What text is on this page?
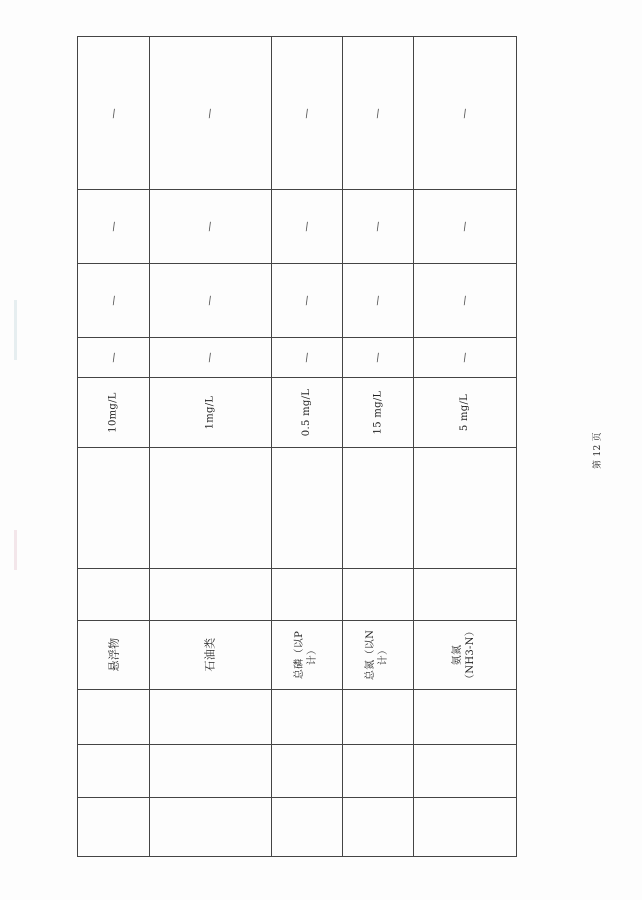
/
/
/
/
10mg/L
悬浮物
/
/
/
/
1mg/L
石油类
/
/
/
/
0.5 mg/L
总磷（以P 计）
/
/
/
/
15 mg/L
总氮（以N 计）
/
/
/
/
5 mg/L
氨氮 （NH3-N）
第 12 页
